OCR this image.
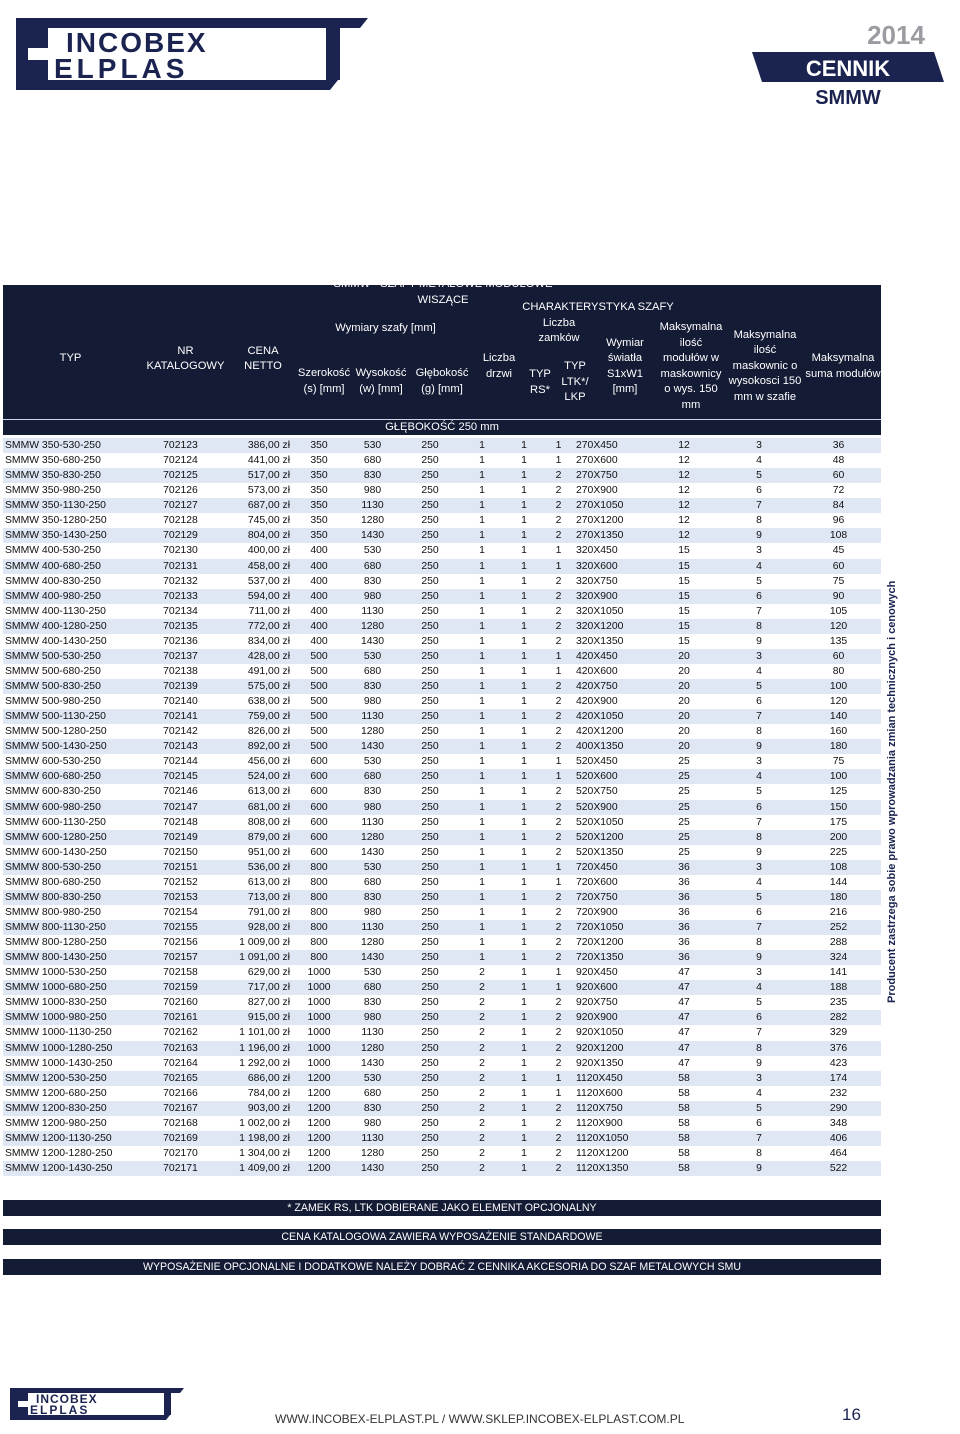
INCOBEX
ELPLAS
2014
CENNIK
SMMW
SMMW - SZAFY METALOWE MODUŁOWE WISZĄCE
CHARAKTERYSTYKA SZAFY
TYP
NR KATALOGOWY
CENA NETTO
Wymiary szafy [mm]
Szerokość (s) [mm]
Wysokość (w) [mm]
Głębokość (g) [mm]
Liczba drzwi
Liczba zamków
TYP RS*
TYP LTK*/ LKP
Wymiar światła S1xW1 [mm]
Maksymalna ilość modułów w maskownicy o wys. 150 mm
Maksymalna ilość maskownic o wysokosci 150 mm w szafie
Maksymalna suma modułów
GŁĘBOKOŚĆ 250 mm
SMMW 350-530-250	702123	386,00 zł	350	530	250	1	1	1	270X450	12	3	36
SMMW 350-680-250	702124	441,00 zł	350	680	250	1	1	1	270X600	12	4	48
SMMW 350-830-250	702125	517,00 zł	350	830	250	1	1	2	270X750	12	5	60
SMMW 350-980-250	702126	573,00 zł	350	980	250	1	1	2	270X900	12	6	72
SMMW 350-1130-250	702127	687,00 zł	350	1130	250	1	1	2	270X1050	12	7	84
SMMW 350-1280-250	702128	745,00 zł	350	1280	250	1	1	2	270X1200	12	8	96
SMMW 350-1430-250	702129	804,00 zł	350	1430	250	1	1	2	270X1350	12	9	108
SMMW 400-530-250	702130	400,00 zł	400	530	250	1	1	1	320X450	15	3	45
SMMW 400-680-250	702131	458,00 zł	400	680	250	1	1	1	320X600	15	4	60
SMMW 400-830-250	702132	537,00 zł	400	830	250	1	1	2	320X750	15	5	75
SMMW 400-980-250	702133	594,00 zł	400	980	250	1	1	2	320X900	15	6	90
SMMW 400-1130-250	702134	711,00 zł	400	1130	250	1	1	2	320X1050	15	7	105
SMMW 400-1280-250	702135	772,00 zł	400	1280	250	1	1	2	320X1200	15	8	120
SMMW 400-1430-250	702136	834,00 zł	400	1430	250	1	1	2	320X1350	15	9	135
SMMW 500-530-250	702137	428,00 zł	500	530	250	1	1	1	420X450	20	3	60
SMMW 500-680-250	702138	491,00 zł	500	680	250	1	1	1	420X600	20	4	80
SMMW 500-830-250	702139	575,00 zł	500	830	250	1	1	2	420X750	20	5	100
SMMW 500-980-250	702140	638,00 zł	500	980	250	1	1	2	420X900	20	6	120
SMMW 500-1130-250	702141	759,00 zł	500	1130	250	1	1	2	420X1050	20	7	140
SMMW 500-1280-250	702142	826,00 zł	500	1280	250	1	1	2	420X1200	20	8	160
SMMW 500-1430-250	702143	892,00 zł	500	1430	250	1	1	2	400X1350	20	9	180
SMMW 600-530-250	702144	456,00 zł	600	530	250	1	1	1	520X450	25	3	75
SMMW 600-680-250	702145	524,00 zł	600	680	250	1	1	1	520X600	25	4	100
SMMW 600-830-250	702146	613,00 zł	600	830	250	1	1	2	520X750	25	5	125
SMMW 600-980-250	702147	681,00 zł	600	980	250	1	1	2	520X900	25	6	150
SMMW 600-1130-250	702148	808,00 zł	600	1130	250	1	1	2	520X1050	25	7	175
SMMW 600-1280-250	702149	879,00 zł	600	1280	250	1	1	2	520X1200	25	8	200
SMMW 600-1430-250	702150	951,00 zł	600	1430	250	1	1	2	520X1350	25	9	225
SMMW 800-530-250	702151	536,00 zł	800	530	250	1	1	1	720X450	36	3	108
SMMW 800-680-250	702152	613,00 zł	800	680	250	1	1	1	720X600	36	4	144
SMMW 800-830-250	702153	713,00 zł	800	830	250	1	1	2	720X750	36	5	180
SMMW 800-980-250	702154	791,00 zł	800	980	250	1	1	2	720X900	36	6	216
SMMW 800-1130-250	702155	928,00 zł	800	1130	250	1	1	2	720X1050	36	7	252
SMMW 800-1280-250	702156	1 009,00 zł	800	1280	250	1	1	2	720X1200	36	8	288
SMMW 800-1430-250	702157	1 091,00 zł	800	1430	250	1	1	2	720X1350	36	9	324
SMMW 1000-530-250	702158	629,00 zł	1000	530	250	2	1	1	920X450	47	3	141
SMMW 1000-680-250	702159	717,00 zł	1000	680	250	2	1	1	920X600	47	4	188
SMMW 1000-830-250	702160	827,00 zł	1000	830	250	2	1	2	920X750	47	5	235
SMMW 1000-980-250	702161	915,00 zł	1000	980	250	2	1	2	920X900	47	6	282
SMMW 1000-1130-250	702162	1 101,00 zł	1000	1130	250	2	1	2	920X1050	47	7	329
SMMW 1000-1280-250	702163	1 196,00 zł	1000	1280	250	2	1	2	920X1200	47	8	376
SMMW 1000-1430-250	702164	1 292,00 zł	1000	1430	250	2	1	2	920X1350	47	9	423
SMMW 1200-530-250	702165	686,00 zł	1200	530	250	2	1	1	1120X450	58	3	174
SMMW 1200-680-250	702166	784,00 zł	1200	680	250	2	1	1	1120X600	58	4	232
SMMW 1200-830-250	702167	903,00 zł	1200	830	250	2	1	2	1120X750	58	5	290
SMMW 1200-980-250	702168	1 002,00 zł	1200	980	250	2	1	2	1120X900	58	6	348
SMMW 1200-1130-250	702169	1 198,00 zł	1200	1130	250	2	1	2	1120X1050	58	7	406
SMMW 1200-1280-250	702170	1 304,00 zł	1200	1280	250	2	1	2	1120X1200	58	8	464
SMMW 1200-1430-250	702171	1 409,00 zł	1200	1430	250	2	1	2	1120X1350	58	9	522
* ZAMEK RS, LTK DOBIERANE JAKO ELEMENT OPCJONALNY
CENA KATALOGOWA ZAWIERA WYPOSAŻENIE STANDARDOWE
WYPOSAŻENIE OPCJONALNE I DODATKOWE NALEŻY DOBRAĆ Z CENNIKA AKCESORIA DO SZAF METALOWYCH SMU
Producent zastrzega sobie prawo wprowadzania zmian technicznych i cenowych
INCOBEX
ELPLAS
WWW.INCOBEX-ELPLAST.PL / WWW.SKLEP.INCOBEX-ELPLAST.COM.PL	16
